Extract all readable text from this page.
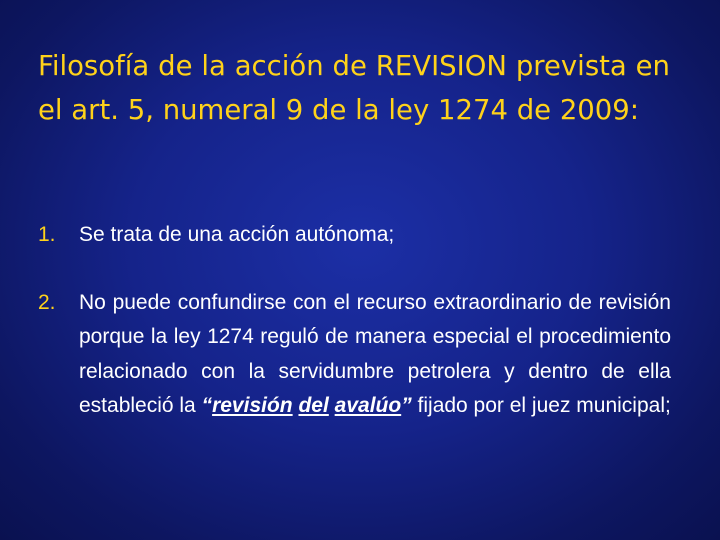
Filosofía de la acción de REVISION prevista en el art. 5, numeral 9 de la ley 1274 de 2009:
1. Se trata de una acción autónoma;
2. No puede confundirse con el recurso extraordinario de revisión porque la ley 1274 reguló de manera especial el procedimiento relacionado con la servidumbre petrolera y dentro de ella estableció la “revisión del avalúo” fijado por el juez municipal;
